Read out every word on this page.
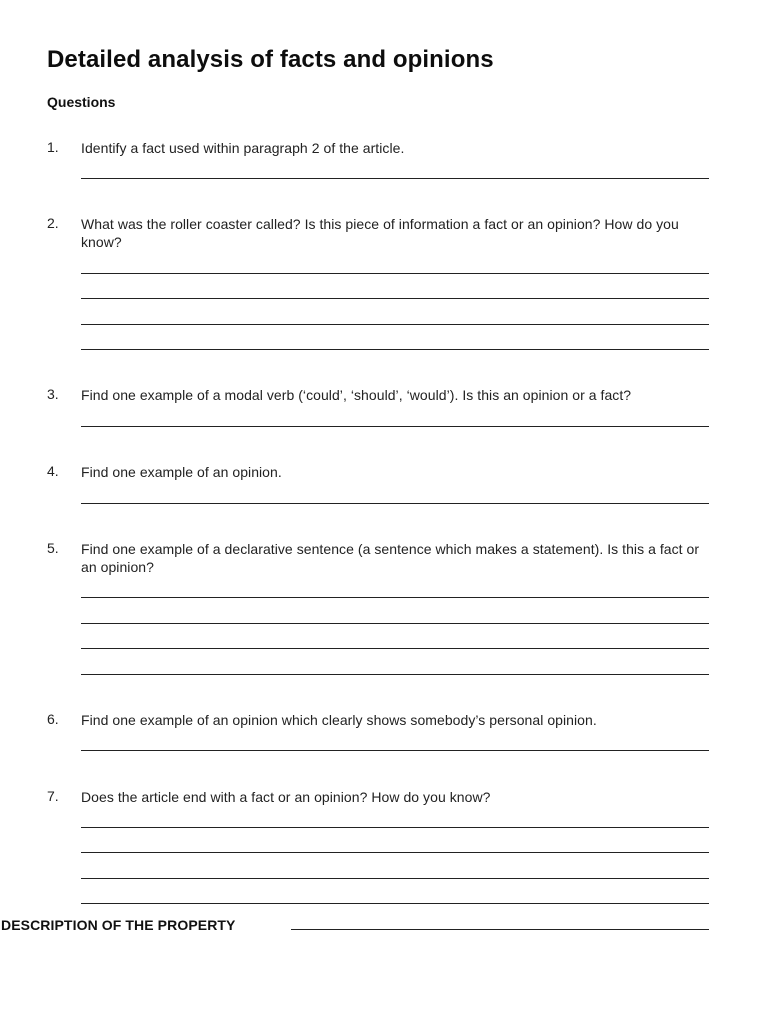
Detailed analysis of facts and opinions
Questions
1. Identify a fact used within paragraph 2 of the article.
2. What was the roller coaster called? Is this piece of information a fact or an opinion? How do you know?
3. Find one example of a modal verb (‘could’, ‘should’, ‘would’). Is this an opinion or a fact?
4. Find one example of an opinion.
5. Find one example of a declarative sentence (a sentence which makes a statement). Is this a fact or an opinion?
6. Find one example of an opinion which clearly shows somebody’s personal opinion.
7. Does the article end with a fact or an opinion? How do you know?
DESCRIPTION OF THE PROPERTY
